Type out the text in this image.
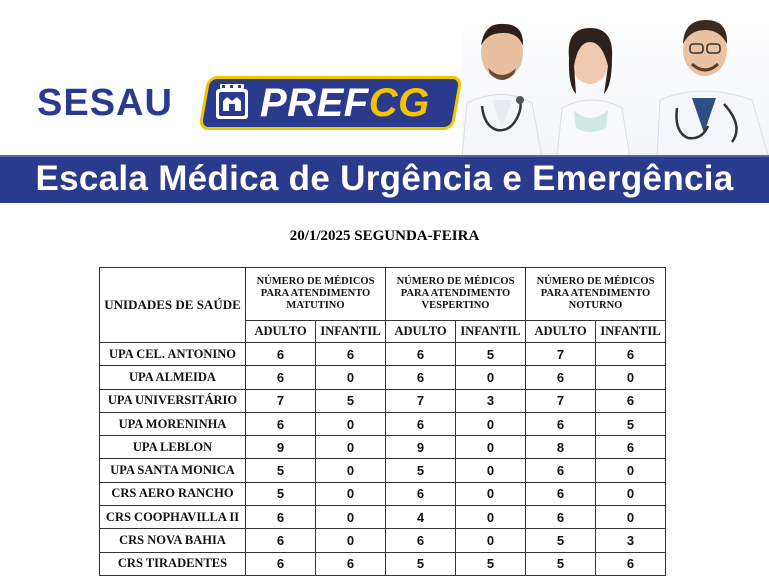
SESAU PREFCG
Escala Médica de Urgência e Emergência
20/1/2025 SEGUNDA-FEIRA
UNIDADES DE SAÚDE	NÚMERO DE MÉDICOS PARA ATENDIMENTO MATUTINO		NÚMERO DE MÉDICOS PARA ATENDIMENTO VESPERTINO		NÚMERO DE MÉDICOS PARA ATENDIMENTO NOTURNO	
	ADULTO	INFANTIL	ADULTO	INFANTIL	ADULTO	INFANTIL
UPA CEL. ANTONINO	6	6	6	5	7	6
UPA ALMEIDA	6	0	6	0	6	0
UPA UNIVERSITÁRIO	7	5	7	3	7	6
UPA MORENINHA	6	0	6	0	6	5
UPA LEBLON	9	0	9	0	8	6
UPA SANTA MONICA	5	0	5	0	6	0
CRS AERO RANCHO	5	0	6	0	6	0
CRS COOPHAVILLA II	6	0	4	0	6	0
CRS NOVA BAHIA	6	0	6	0	5	3
CRS TIRADENTES	6	6	5	5	5	6
